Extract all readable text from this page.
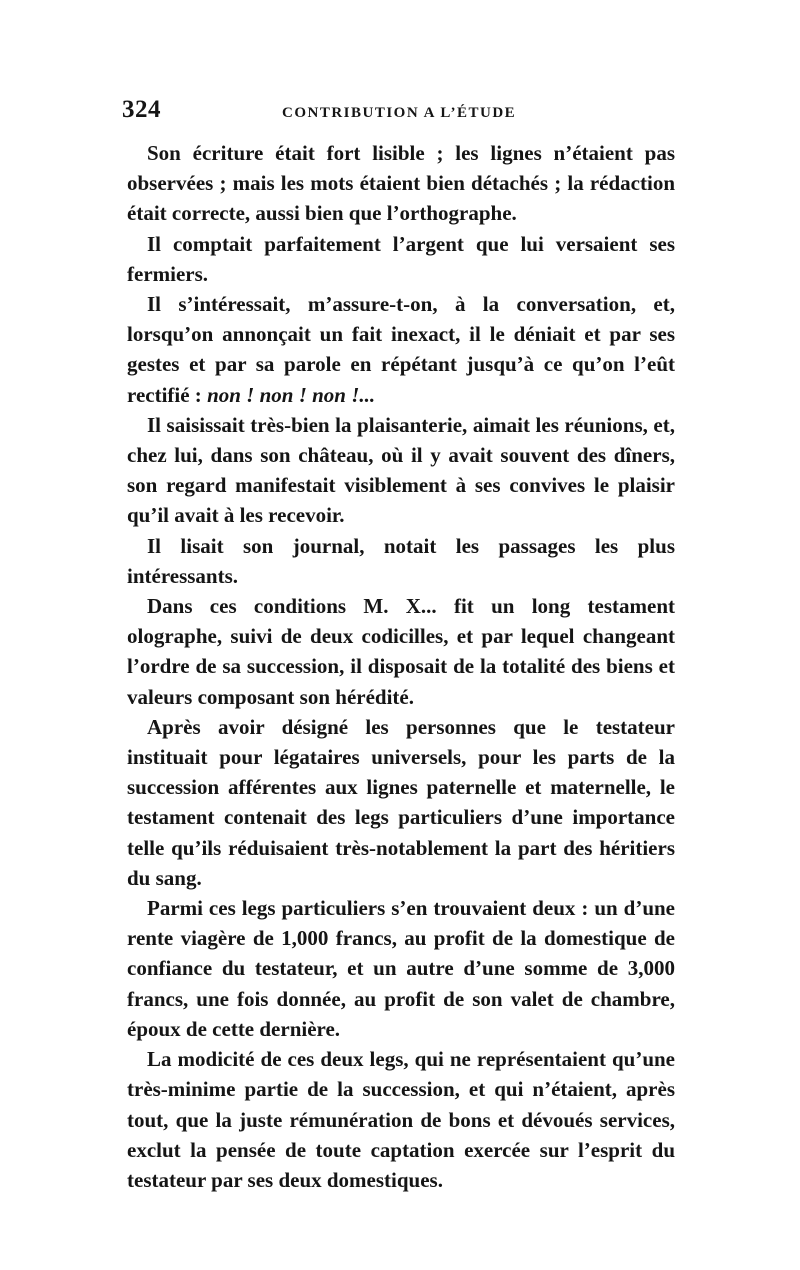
324	CONTRIBUTION A L’ÉTUDE

Son écriture était fort lisible ; les lignes n’étaient pas observées ; mais les mots étaient bien détachés ; la rédaction était correcte, aussi bien que l’orthographe.

Il comptait parfaitement l’argent que lui versaient ses fermiers.

Il s’intéressait, m’assure-t-on, à la conversation, et, lorsqu’on annonçait un fait inexact, il le déniait et par ses gestes et par sa parole en répétant jusqu’à ce qu’on l’eût rectifié : non ! non ! non !...

Il saisissait très-bien la plaisanterie, aimait les réunions, et, chez lui, dans son château, où il y avait souvent des dîners, son regard manifestait visiblement à ses convives le plaisir qu’il avait à les recevoir.

Il lisait son journal, notait les passages les plus intéressants.

Dans ces conditions M. X... fit un long testament olographe, suivi de deux codicilles, et par lequel changeant l’ordre de sa succession, il disposait de la totalité des biens et valeurs composant son hérédité.

Après avoir désigné les personnes que le testateur instituait pour légataires universels, pour les parts de la succession afférentes aux lignes paternelle et maternelle, le testament contenait des legs particuliers d’une importance telle qu’ils réduisaient très-notablement la part des héritiers du sang.

Parmi ces legs particuliers s’en trouvaient deux : un d’une rente viagère de 1,000 francs, au profit de la domestique de confiance du testateur, et un autre d’une somme de 3,000 francs, une fois donnée, au profit de son valet de chambre, époux de cette dernière.

La modicité de ces deux legs, qui ne représentaient qu’une très-minime partie de la succession, et qui n’étaient, après tout, que la juste rémunération de bons et dévoués services, exclut la pensée de toute captation exercée sur l’esprit du testateur par ses deux domestiques.
